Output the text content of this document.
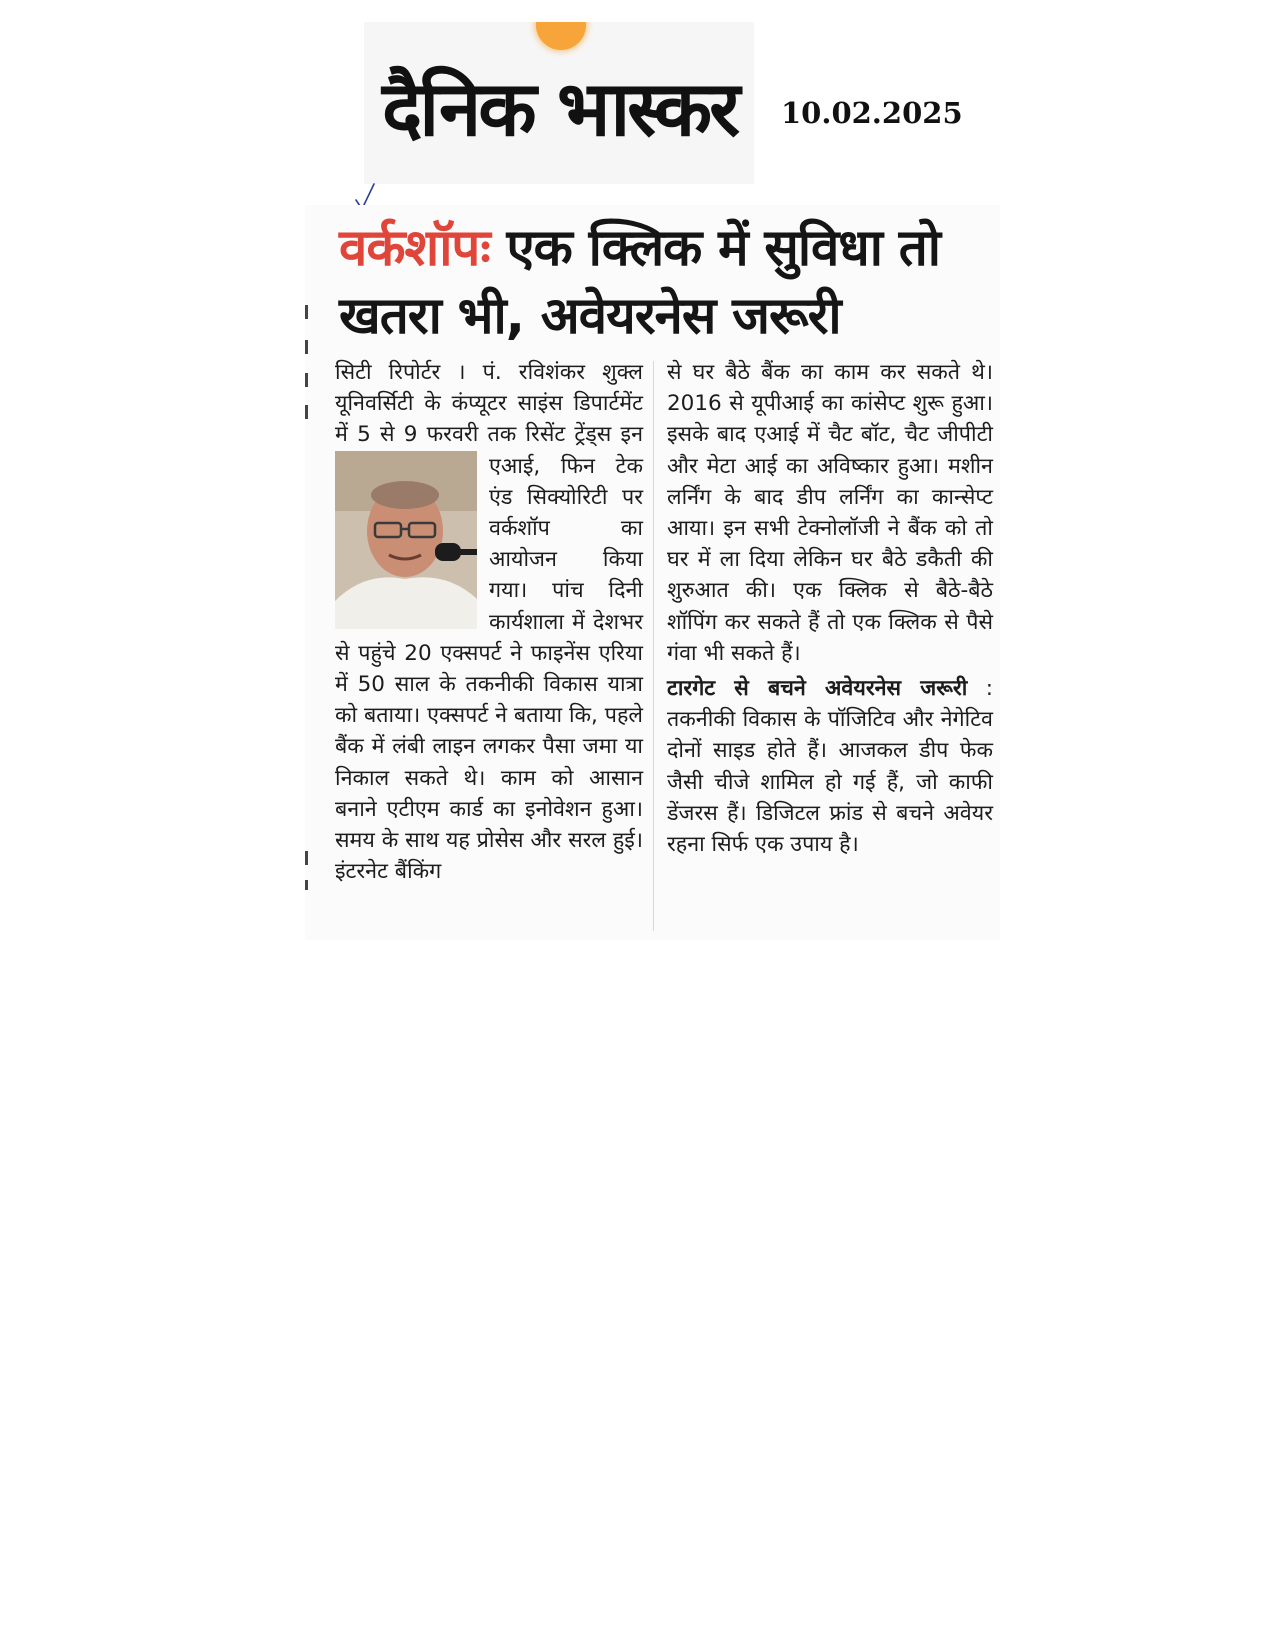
दैनिक भास्कर 10.02.2025
वर्कशॉपः एक क्लिक में सुविधा तो खतरा भी, अवेयरनेस जरूरी
सिटी रिपोर्टर । पं. रविशंकर शुक्ल यूनिवर्सिटी के कंप्यूटर साइंस डिपार्टमेंट में 5 से 9 फरवरी तक रिसेंट ट्रेंड्स इन एआई, फिन टेक एंड सिक्योरिटी पर वर्कशॉप का आयोजन किया गया। पांच दिनी कार्यशाला में देशभर से पहुंचे 20 एक्सपर्ट ने फाइनेंस एरिया में 50 साल के तकनीकी विकास यात्रा को बताया। एक्सपर्ट ने बताया कि, पहले बैंक में लंबी लाइन लगकर पैसा जमा या निकाल सकते थे। काम को आसान बनाने एटीएम कार्ड का इनोवेशन हुआ। समय के साथ यह प्रोसेस और सरल हुई। इंटरनेट बैंकिंग
से घर बैठे बैंक का काम कर सकते थे। 2016 से यूपीआई का कांसेप्ट शुरू हुआ। इसके बाद एआई में चैट बॉट, चैट जीपीटी और मेटा आई का अविष्कार हुआ। मशीन लर्निंग के बाद डीप लर्निंग का कान्सेप्ट आया। इन सभी टेक्नोलॉजी ने बैंक को तो घर में ला दिया लेकिन घर बैठे डकैती की शुरुआत की। एक क्लिक से बैठे-बैठे शॉपिंग कर सकते हैं तो एक क्लिक से पैसे गंवा भी सकते हैं।
टारगेट से बचने अवेयरनेस जरूरी : तकनीकी विकास के पॉजिटिव और नेगेटिव दोनों साइड होते हैं। आजकल डीप फेक जैसी चीजे शामिल हो गई हैं, जो काफी डेंजरस हैं। डिजिटल फ्रांड से बचने अवेयर रहना सिर्फ एक उपाय है।
